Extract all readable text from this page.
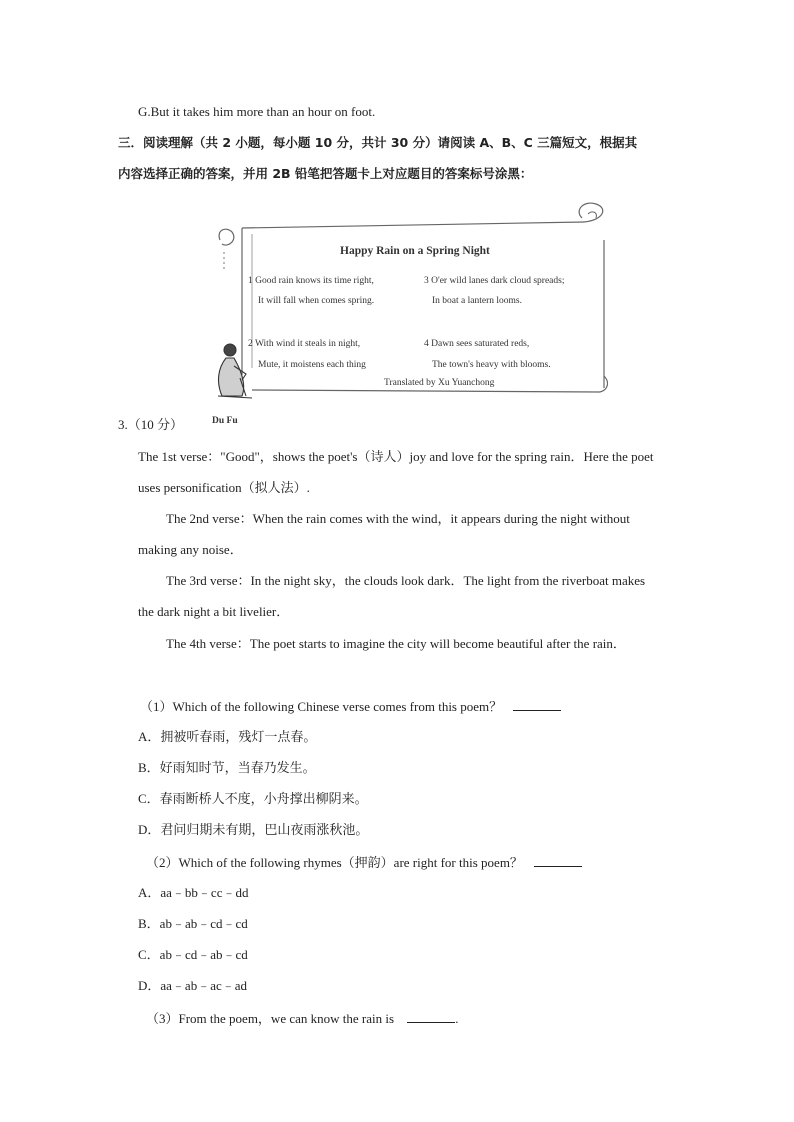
G.But it takes him more than an hour on foot.
三．阅读理解（共 2 小题，每小题 10 分，共计 30 分）请阅读 A、B、C 三篇短文，根据其
内容选择正确的答案，并用 2B 铅笔把答题卡上对应题目的答案标号涂黑：
Happy Rain on a Spring Night
1 Good rain knows its time right,
It will fall when comes spring.
2 With wind it steals in night,
Mute, it moistens each thing
3 O'er wild lanes dark cloud spreads;
In boat a lantern looms.
4 Dawn sees saturated reds,
The town's heavy with blooms.
Translated by Xu Yuanchong
Du Fu
3.（10 分）
The 1st verse："Good"，shows the poet's（诗人）joy and love for the spring rain．Here the poet
uses personification（拟人法）.
The 2nd verse：When the rain comes with the wind，it appears during the night without
making any noise．
The 3rd verse：In the night sky，the clouds look dark．The light from the riverboat makes
the dark night a bit livelier．
The 4th verse：The poet starts to imagine the city will become beautiful after the rain．
（1）Which of the following Chinese verse comes from this poem？
A．拥被听春雨，残灯一点春。
B．好雨知时节，当春乃发生。
C．春雨断桥人不度，小舟撑出柳阴来。
D．君问归期未有期，巴山夜雨涨秋池。
（2）Which of the following rhymes（押韵）are right for this poem？
A．aa﹣bb﹣cc﹣dd
B．ab﹣ab﹣cd﹣cd
C．ab﹣cd﹣ab﹣cd
D．aa﹣ab﹣ac﹣ad
（3）From the poem，we can know the rain is	.
